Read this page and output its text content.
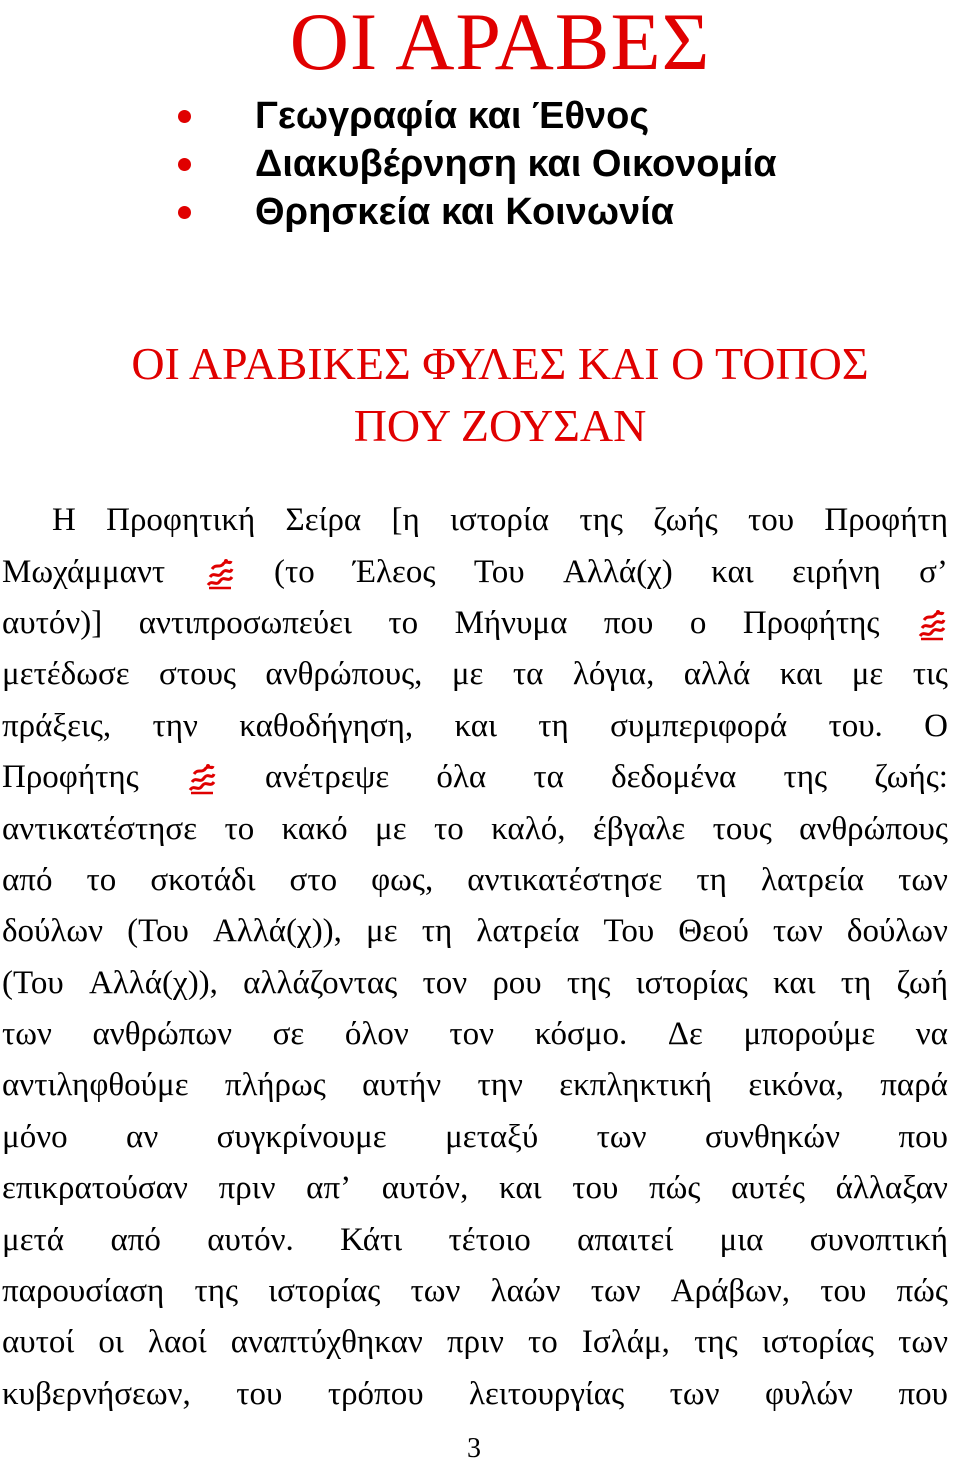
ΟΙ ΑΡΑΒΕΣ
Γεωγραφία και Έθνος
Διακυβέρνηση και Οικονομία
Θρησκεία και Κοινωνία
ΟΙ ΑΡΑΒΙΚΕΣ ΦΥΛΕΣ ΚΑΙ Ο ΤΟΠΟΣ
ΠΟΥ ΖΟΥΣΑΝ
Η Προφητική Σείρα [η ιστορία της ζωής του Προφήτη
Μωχάμμαντ	(το Έλεος Του Αλλά(χ) και ειρήνη σ’
αυτόν)] αντιπροσωπεύει το Μήνυμα που ο Προφήτης
μετέδωσε στους ανθρώπους, με τα λόγια, αλλά και με τις
πράξεις, την καθοδήγηση, και τη συμπεριφορά του. Ο
Προφήτης	ανέτρεψε όλα τα δεδομένα της ζωής:
αντικατέστησε το κακό με το καλό, έβγαλε τους ανθρώπους
από το σκοτάδι στο φως, αντικατέστησε τη λατρεία των
δούλων (Του Αλλά(χ)), με τη λατρεία Του Θεού των δούλων
(Του Αλλά(χ)), αλλάζοντας τον ρου της ιστορίας και τη ζωή
των ανθρώπων σε όλον τον κόσμο. Δε μπορούμε να
αντιληφθούμε πλήρως αυτήν την εκπληκτική εικόνα, παρά
μόνο αν συγκρίνουμε μεταξύ των συνθηκών που
επικρατούσαν πριν απ’ αυτόν, και του πώς αυτές άλλαξαν
μετά από αυτόν. Κάτι τέτοιο απαιτεί μια συνοπτική
παρουσίαση της ιστορίας των λαών των Αράβων, του πώς
αυτοί οι λαοί αναπτύχθηκαν πριν το Ισλάμ, της ιστορίας των
κυβερνήσεων, του τρόπου λειτουργίας των φυλών που

3
